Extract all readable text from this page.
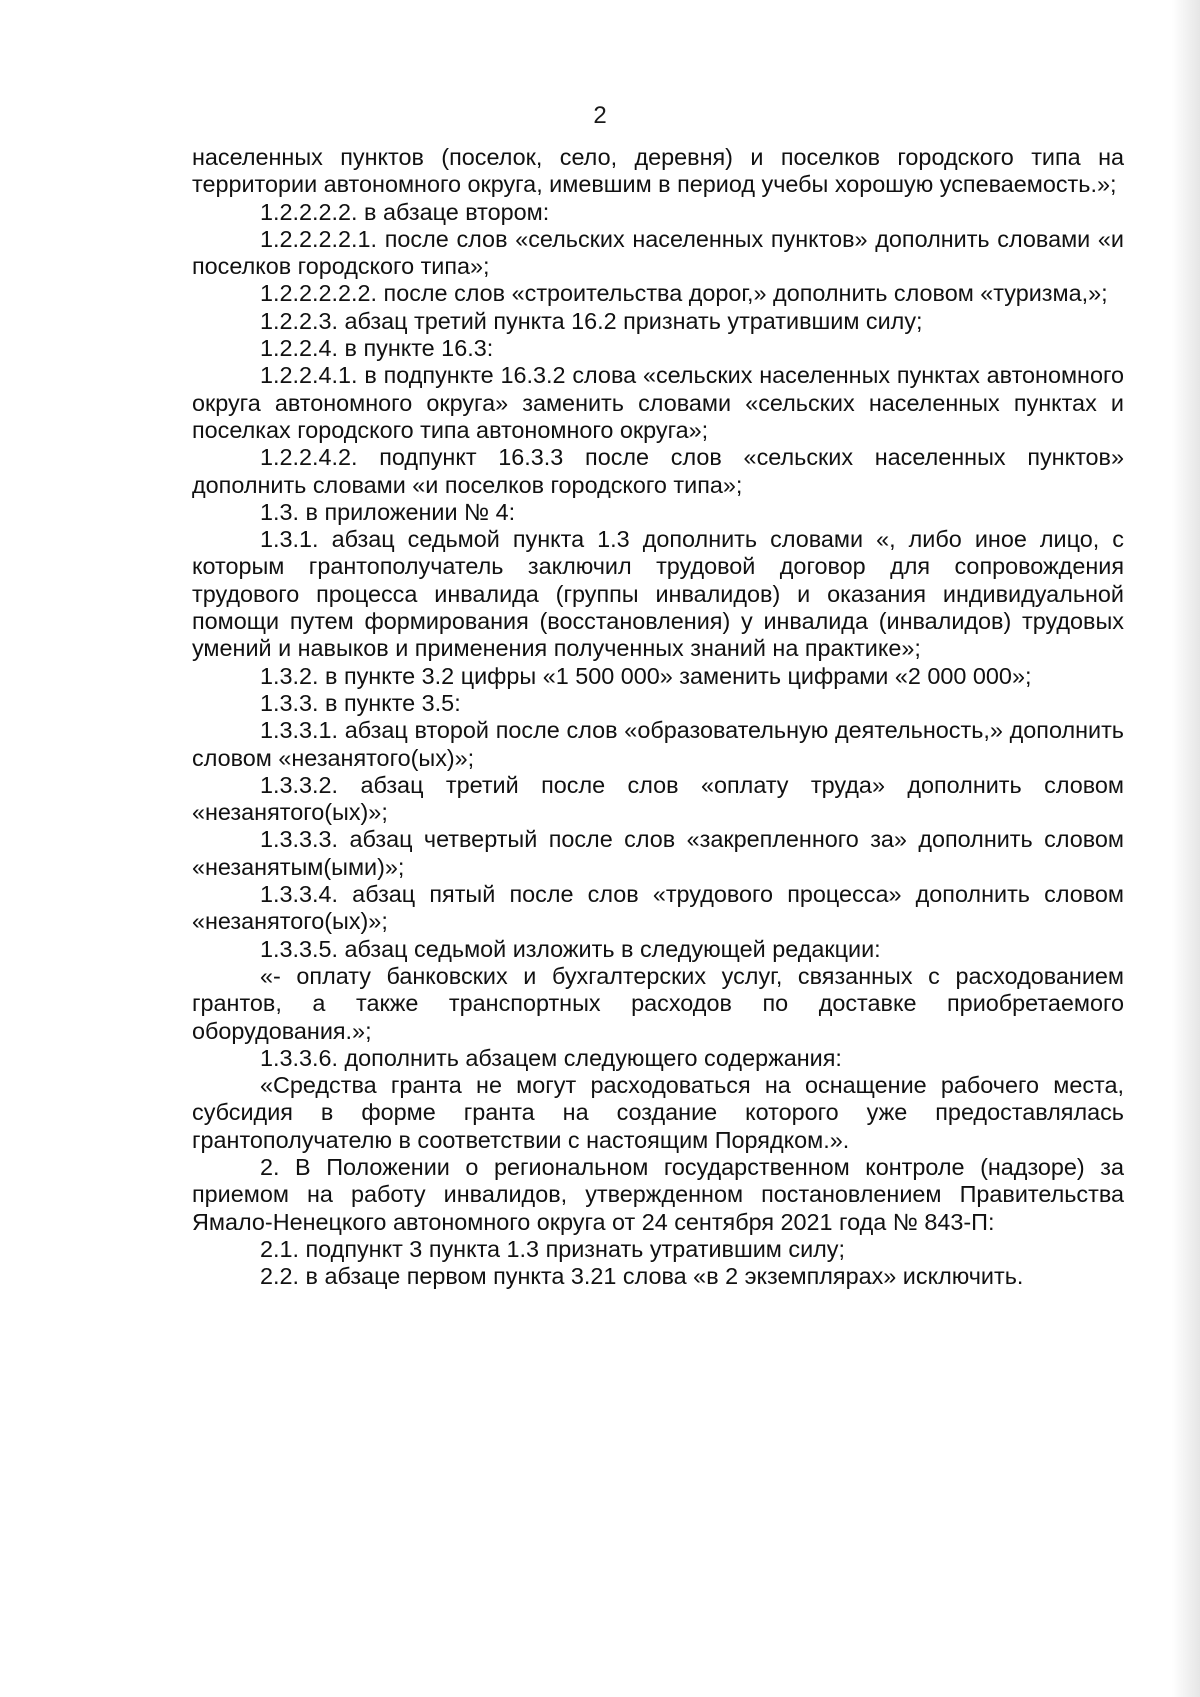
2

населенных пунктов (поселок, село, деревня) и поселков городского типа на территории автономного округа, имевшим в период учебы хорошую успеваемость.»;

1.2.2.2.2. в абзаце втором:

1.2.2.2.2.1. после слов «сельских населенных пунктов» дополнить словами «и поселков городского типа»;

1.2.2.2.2.2. после слов «строительства дорог,» дополнить словом «туризма,»;

1.2.2.3. абзац третий пункта 16.2 признать утратившим силу;

1.2.2.4. в пункте 16.3:

1.2.2.4.1. в подпункте 16.3.2 слова «сельских населенных пунктах автономного округа автономного округа» заменить словами «сельских населенных пунктах и поселках городского типа автономного округа»;

1.2.2.4.2. подпункт 16.3.3 после слов «сельских населенных пунктов» дополнить словами «и поселков городского типа»;

1.3. в приложении № 4:

1.3.1. абзац седьмой пункта 1.3 дополнить словами «, либо иное лицо, с которым грантополучатель заключил трудовой договор для сопровождения трудового процесса инвалида (группы инвалидов) и оказания индивидуальной помощи путем формирования (восстановления) у инвалида (инвалидов) трудовых умений и навыков и применения полученных знаний на практике»;

1.3.2. в пункте 3.2 цифры «1 500 000» заменить цифрами «2 000 000»;

1.3.3. в пункте 3.5:

1.3.3.1. абзац второй после слов «образовательную деятельность,» дополнить словом «незанятого(ых)»;

1.3.3.2. абзац третий после слов «оплату труда» дополнить словом «незанятого(ых)»;

1.3.3.3. абзац четвертый после слов «закрепленного за» дополнить словом «незанятым(ыми)»;

1.3.3.4. абзац пятый после слов «трудового процесса» дополнить словом «незанятого(ых)»;

1.3.3.5. абзац седьмой изложить в следующей редакции:

«- оплату банковских и бухгалтерских услуг, связанных с расходованием грантов, а также транспортных расходов по доставке приобретаемого оборудования.»;

1.3.3.6. дополнить абзацем следующего содержания:

«Средства гранта не могут расходоваться на оснащение рабочего места, субсидия в форме гранта на создание которого уже предоставлялась грантополучателю в соответствии с настоящим Порядком.».

2. В Положении о региональном государственном контроле (надзоре) за приемом на работу инвалидов, утвержденном постановлением Правительства Ямало-Ненецкого автономного округа от 24 сентября 2021 года № 843-П:

2.1. подпункт 3 пункта 1.3 признать утратившим силу;

2.2. в абзаце первом пункта 3.21 слова «в 2 экземплярах» исключить.
